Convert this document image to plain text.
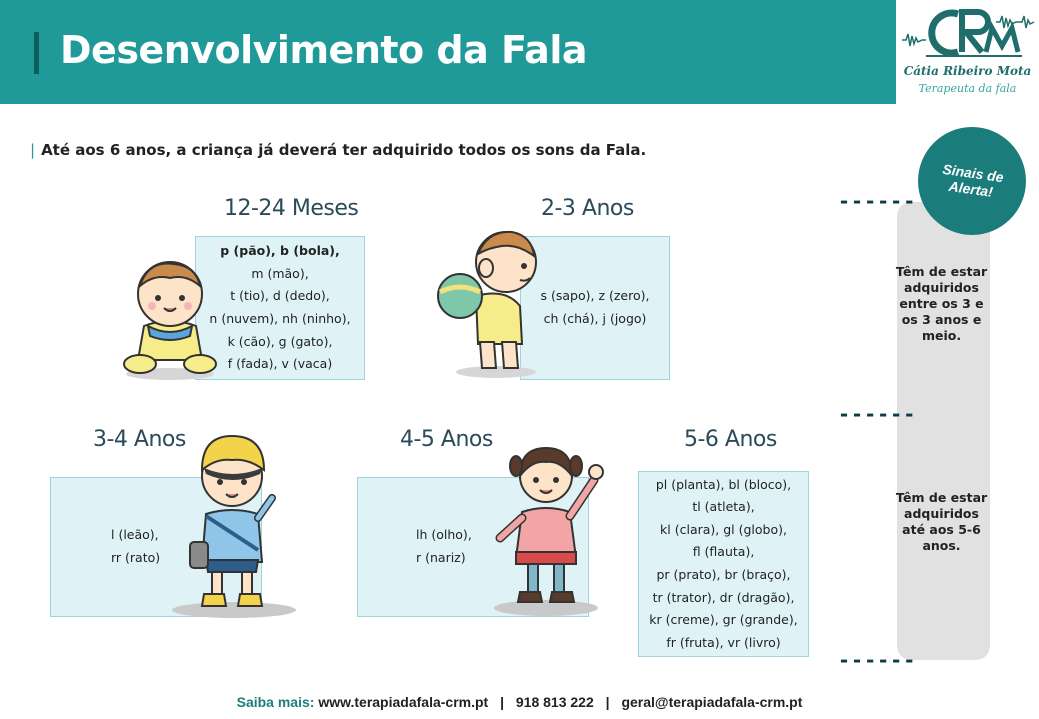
Desenvolvimento da Fala	Cátia Ribeiro Mota
Terapeuta da fala
| Até aos 6 anos, a criança já deverá ter adquirido todos os sons da Fala.
12-24 Meses
p (pão), b (bola),
m (mão),
t (tio), d (dedo),
n (nuvem), nh (ninho),
k (cão), g (gato),
f (fada), v (vaca)
2-3 Anos
s (sapo), z (zero),
ch (chá), j (jogo)
3-4 Anos
l (leão),
rr (rato)
4-5 Anos
lh (olho),
r (nariz)
5-6 Anos
pl (planta), bl (bloco),
tl (atleta),
kl (clara), gl (globo),
fl (flauta),
pr (prato), br (braço),
tr (trator), dr (dragão),
kr (creme), gr (grande),
fr (fruta), vr (livro)
------
------
------
Sinais de Alerta!
Têm de estar adquiridos entre os 3 e os 3 anos e meio.
Têm de estar adquiridos até aos 5-6 anos.
Saiba mais: www.terapiadafala-crm.pt | 918 813 222 | geral@terapiadafala-crm.pt
